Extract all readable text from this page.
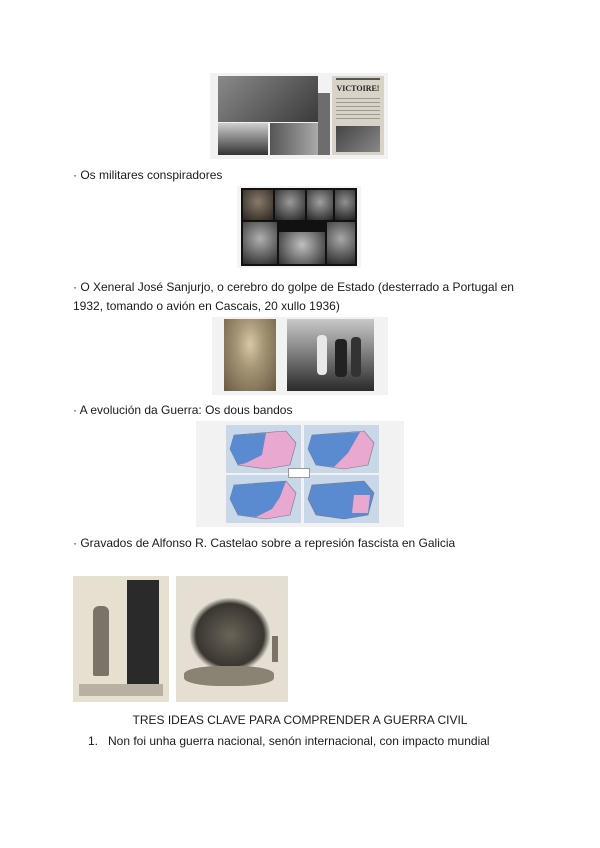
VICTOIRE!
· Os militares conspiradores
· O Xeneral José Sanjurjo, o cerebro do golpe de Estado (desterrado a Portugal en
1932, tomando o avión en Cascais, 20 xullo 1936)
· A evolución da Guerra: Os dous bandos
· Gravados de Alfonso R. Castelao sobre a represión fascista en Galicia
TRES IDEAS CLAVE PARA COMPRENDER A GUERRA CIVIL
1. Non foi unha guerra nacional, senón internacional, con impacto mundial
